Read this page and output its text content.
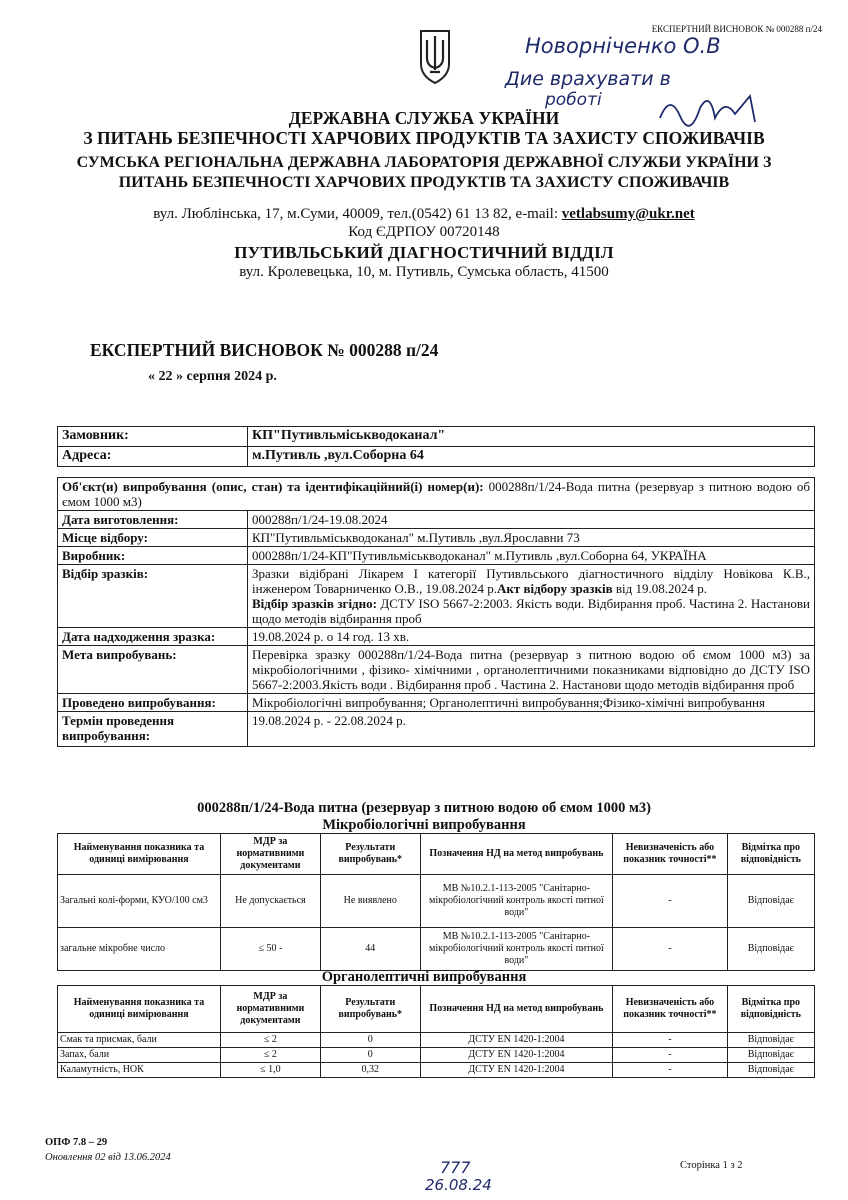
ЕКСПЕРТНИЙ ВИСНОВОК № 000288 п/24
Новорніченко О.В
Дие врахувати в
роботі
ДЕРЖАВНА СЛУЖБА УКРАЇНИ
З ПИТАНЬ БЕЗПЕЧНОСТІ ХАРЧОВИХ ПРОДУКТІВ ТА ЗАХИСТУ СПОЖИВАЧІВ
СУМСЬКА РЕГІОНАЛЬНА ДЕРЖАВНА ЛАБОРАТОРІЯ ДЕРЖАВНОЇ СЛУЖБИ УКРАЇНИ З
ПИТАНЬ БЕЗПЕЧНОСТІ ХАРЧОВИХ ПРОДУКТІВ ТА ЗАХИСТУ СПОЖИВАЧІВ
вул. Люблінська, 17, м.Суми, 40009, тел.(0542) 61 13 82, e-mail: vetlabsumy@ukr.net
Код ЄДРПОУ 00720148
ПУТИВЛЬСЬКИЙ ДІАГНОСТИЧНИЙ ВІДДІЛ
вул. Кролевецька, 10, м. Путивль, Сумська область, 41500
ЕКСПЕРТНИЙ ВИСНОВОК № 000288 п/24
« 22 » серпня 2024 р.
Замовник:	КП"Путивльміськводоканал"
Адреса:	м.Путивль ,вул.Соборна 64
Об'єкт(и) випробування (опис, стан) та ідентифікаційний(і) номер(и): 000288п/1/24-Вода питна (резервуар з питною водою об ємом 1000 м3)	
Дата виготовлення:	000288п/1/24-19.08.2024
Місце відбору:	КП"Путивльміськводоканал" м.Путивль ,вул.Ярославни 73
Виробник:	000288п/1/24-КП"Путивльміськводоканал" м.Путивль ,вул.Соборна 64, УКРАЇНА
Відбір зразків:	Зразки відібрані Лікарем І категорії Путивльського діагностичного відділу Новікова К.В., інженером Товарниченко О.В., 19.08.2024 р.Акт відбору зразків від 19.08.2024 р.
Відбір зразків згідно: ДСТУ ISO 5667-2:2003. Якість води. Відбирання проб. Частина 2. Настанови щодо методів відбирання проб
Дата надходження зразка:	19.08.2024 р. о 14 год. 13 хв.
Мета випробувань:	Перевірка зразку 000288п/1/24-Вода питна (резервуар з питною водою об ємом 1000 м3) за мікробіологічними , фізико- хімічними , органолептичними показниками відповідно до ДСТУ ISO 5667-2:2003.Якість води . Відбирання проб . Частина 2. Настанови щодо методів відбирання проб
Проведено випробування:	Мікробіологічні випробування; Органолептичні випробування;Фізико-хімічні випробування
Термін проведення випробування:	19.08.2024 р. - 22.08.2024 р.
000288п/1/24-Вода питна (резервуар з питною водою об ємом 1000 м3)
Мікробіологічні випробування
Найменування показника та одиниці вимірювання	МДР за нормативними документами	Результати випробувань*	Позначення НД на метод випробувань	Невизначеність або показник точності**	Відмітка про відповідність
Загальні колі-форми, КУО/100 см3	Не допускається	Не виявлено	МВ №10.2.1-113-2005 "Санітарно-мікробіологічний контроль якості питної води"	-	Відповідає
загальне мікробне число	≤ 50 -	44	МВ №10.2.1-113-2005 "Санітарно-мікробіологічний контроль якості питної води"	-	Відповідає
Органолептичні випробування
Найменування показника та одиниці вимірювання	МДР за нормативними документами	Результати випробувань*	Позначення НД на метод випробувань	Невизначеність або показник точності**	Відмітка про відповідність
Смак та присмак, бали	≤ 2	0	ДСТУ EN 1420-1:2004	-	Відповідає
Запах, бали	≤ 2	0	ДСТУ EN 1420-1:2004	-	Відповідає
Каламутність, НОК	≤ 1,0	0,32	ДСТУ EN 1420-1:2004	-	Відповідає
ОПФ 7.8 – 29
Оновлення 02 від 13.06.2024
777
26.08.24
Сторінка 1 з 2
